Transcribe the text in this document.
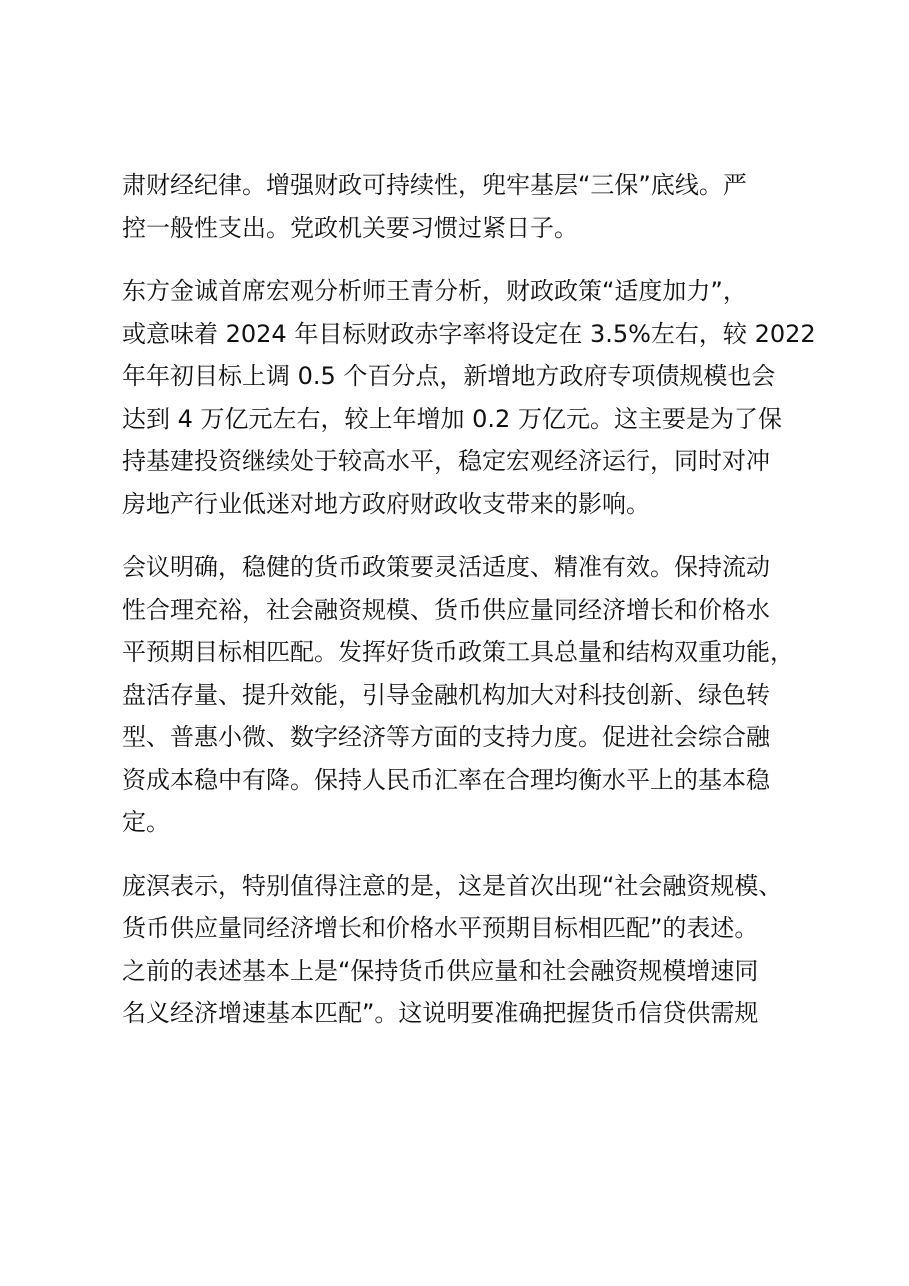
肃财经纪律。增强财政可持续性，兜牢基层“三保”底线。严
控一般性支出。党政机关要习惯过紧日子。

东方金诚首席宏观分析师王青分析，财政政策“适度加力”，
或意味着 2024 年目标财政赤字率将设定在 3.5%左右，较 2022
年年初目标上调 0.5 个百分点，新增地方政府专项债规模也会
达到 4 万亿元左右，较上年增加 0.2 万亿元。这主要是为了保
持基建投资继续处于较高水平，稳定宏观经济运行，同时对冲
房地产行业低迷对地方政府财政收支带来的影响。

会议明确，稳健的货币政策要灵活适度、精准有效。保持流动
性合理充裕，社会融资规模、货币供应量同经济增长和价格水
平预期目标相匹配。发挥好货币政策工具总量和结构双重功能，
盘活存量、提升效能，引导金融机构加大对科技创新、绿色转
型、普惠小微、数字经济等方面的支持力度。促进社会综合融
资成本稳中有降。保持人民币汇率在合理均衡水平上的基本稳
定。

庞溟表示，特别值得注意的是，这是首次出现“社会融资规模、
货币供应量同经济增长和价格水平预期目标相匹配”的表述。
之前的表述基本上是“保持货币供应量和社会融资规模增速同
名义经济增速基本匹配”。这说明要准确把握货币信贷供需规
